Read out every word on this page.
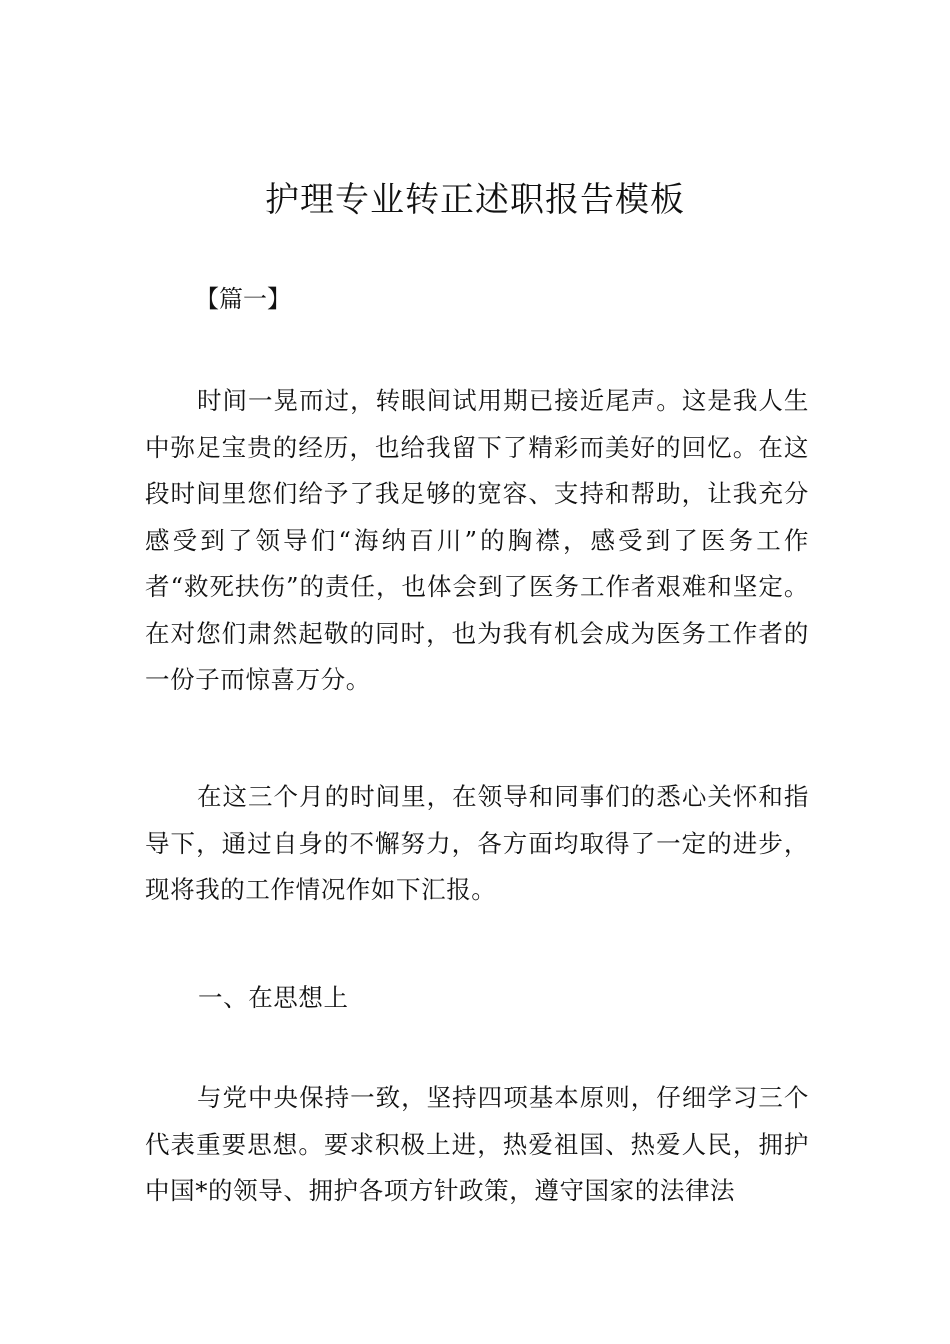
护理专业转正述职报告模板
【篇一】

时间一晃而过，转眼间试用期已接近尾声。这是我人生中弥足宝贵的经历，也给我留下了精彩而美好的回忆。在这段时间里您们给予了我足够的宽容、支持和帮助，让我充分感受到了领导们“海纳百川”的胸襟，感受到了医务工作者“救死扶伤”的责任，也体会到了医务工作者艰难和坚定。在对您们肃然起敬的同时，也为我有机会成为医务工作者的一份子而惊喜万分。

在这三个月的时间里，在领导和同事们的悉心关怀和指导下，通过自身的不懈努力，各方面均取得了一定的进步，现将我的工作情况作如下汇报。

一、在思想上

与党中央保持一致，坚持四项基本原则，仔细学习三个代表重要思想。要求积极上进，热爱祖国、热爱人民，拥护中国*的领导、拥护各项方针政策，遵守国家的法律法
